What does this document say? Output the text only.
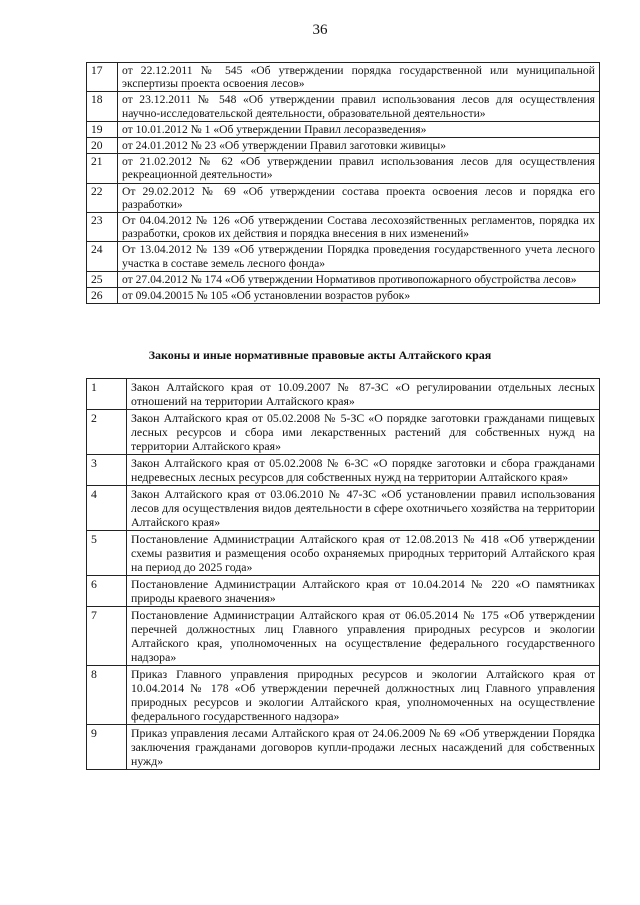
36
17	от 22.12.2011 № 545 «Об утверждении порядка государственной или муниципальной экспертизы проекта освоения лесов»
18	от 23.12.2011 № 548 «Об утверждении правил использования лесов для осуществления научно-исследовательской деятельности, образовательной деятельности»
19	от 10.01.2012 № 1 «Об утверждении Правил лесоразведения»
20	от 24.01.2012 № 23 «Об утверждении Правил заготовки живицы»
21	от 21.02.2012 № 62 «Об утверждении правил использования лесов для осуществления рекреационной деятельности»
22	От 29.02.2012 № 69 «Об утверждении состава проекта освоения лесов и порядка его разработки»
23	От 04.04.2012 № 126 «Об утверждении Состава лесохозяйственных регламентов, порядка их разработки, сроков их действия и порядка внесения в них изменений»
24	От 13.04.2012 № 139 «Об утверждении Порядка проведения государственного учета лесного участка в составе земель лесного фонда»
25	от 27.04.2012 № 174 «Об утверждении Нормативов противопожарного обустройства лесов»
26	от 09.04.20015 № 105 «Об установлении возрастов рубок»
Законы и иные нормативные правовые акты Алтайского края
1	Закон Алтайского края от 10.09.2007 № 87-ЗС «О регулировании отдельных лесных отношений на территории Алтайского края»
2	Закон Алтайского края от 05.02.2008 № 5-ЗС «О порядке заготовки гражданами пищевых лесных ресурсов и сбора ими лекарственных растений для собственных нужд на территории Алтайского края»
3	Закон Алтайского края от 05.02.2008 № 6-ЗС «О порядке заготовки и сбора гражданами недревесных лесных ресурсов для собственных нужд на территории Алтайского края»
4	Закон Алтайского края от 03.06.2010 № 47-ЗС «Об установлении правил использования лесов для осуществления видов деятельности в сфере охотничьего хозяйства на территории Алтайского края»
5	Постановление Администрации Алтайского края от 12.08.2013 № 418 «Об утверждении схемы развития и размещения особо охраняемых природных территорий Алтайского края на период до 2025 года»
6	Постановление Администрации Алтайского края от 10.04.2014 № 220 «О памятниках природы краевого значения»
7	Постановление Администрации Алтайского края от 06.05.2014 № 175 «Об утверждении перечней должностных лиц Главного управления природных ресурсов и экологии Алтайского края, уполномоченных на осуществление федерального государственного надзора»
8	Приказ Главного управления природных ресурсов и экологии Алтайского края от 10.04.2014 № 178 «Об утверждении перечней должностных лиц Главного управления природных ресурсов и экологии Алтайского края, уполномоченных на осуществление федерального государственного надзора»
9	Приказ управления лесами Алтайского края от 24.06.2009 № 69 «Об утверждении Порядка заключения гражданами договоров купли-продажи лесных насаждений для собственных нужд»
